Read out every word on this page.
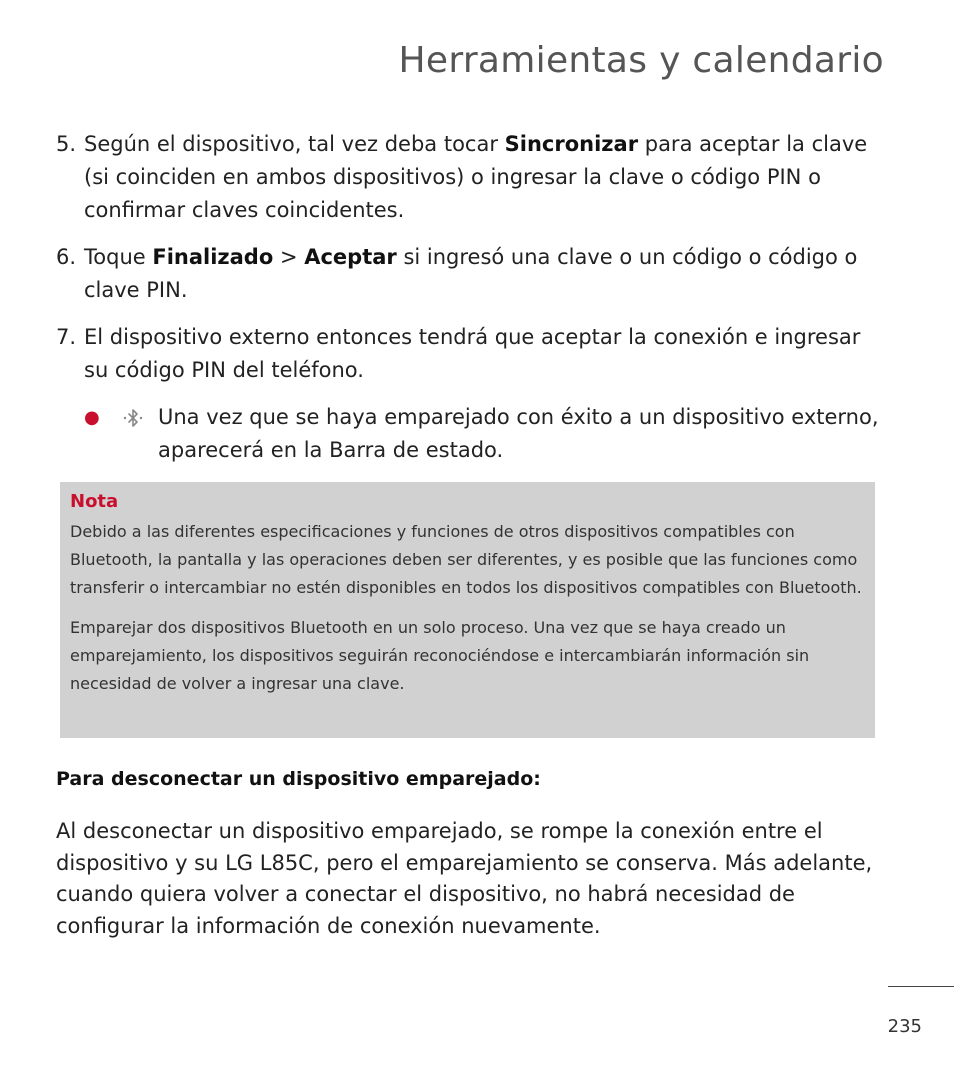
Herramientas y calendario
5. Según el dispositivo, tal vez deba tocar Sincronizar para aceptar la clave (si coinciden en ambos dispositivos) o ingresar la clave o código PIN o confirmar claves coincidentes.
6. Toque Finalizado > Aceptar si ingresó una clave o un código o código o clave PIN.
7. El dispositivo externo entonces tendrá que aceptar la conexión e ingresar su código PIN del teléfono.
●	Una vez que se haya emparejado con éxito a un dispositivo externo, aparecerá en la Barra de estado.
Nota

Debido a las diferentes especificaciones y funciones de otros dispositivos compatibles con Bluetooth, la pantalla y las operaciones deben ser diferentes, y es posible que las funciones como transferir o intercambiar no estén disponibles en todos los dispositivos compatibles con Bluetooth.

Emparejar dos dispositivos Bluetooth en un solo proceso. Una vez que se haya creado un emparejamiento, los dispositivos seguirán reconociéndose e intercambiarán información sin necesidad de volver a ingresar una clave.

Para desconectar un dispositivo emparejado:

Al desconectar un dispositivo emparejado, se rompe la conexión entre el dispositivo y su LG L85C, pero el emparejamiento se conserva. Más adelante, cuando quiera volver a conectar el dispositivo, no habrá necesidad de configurar la información de conexión nuevamente.

235
